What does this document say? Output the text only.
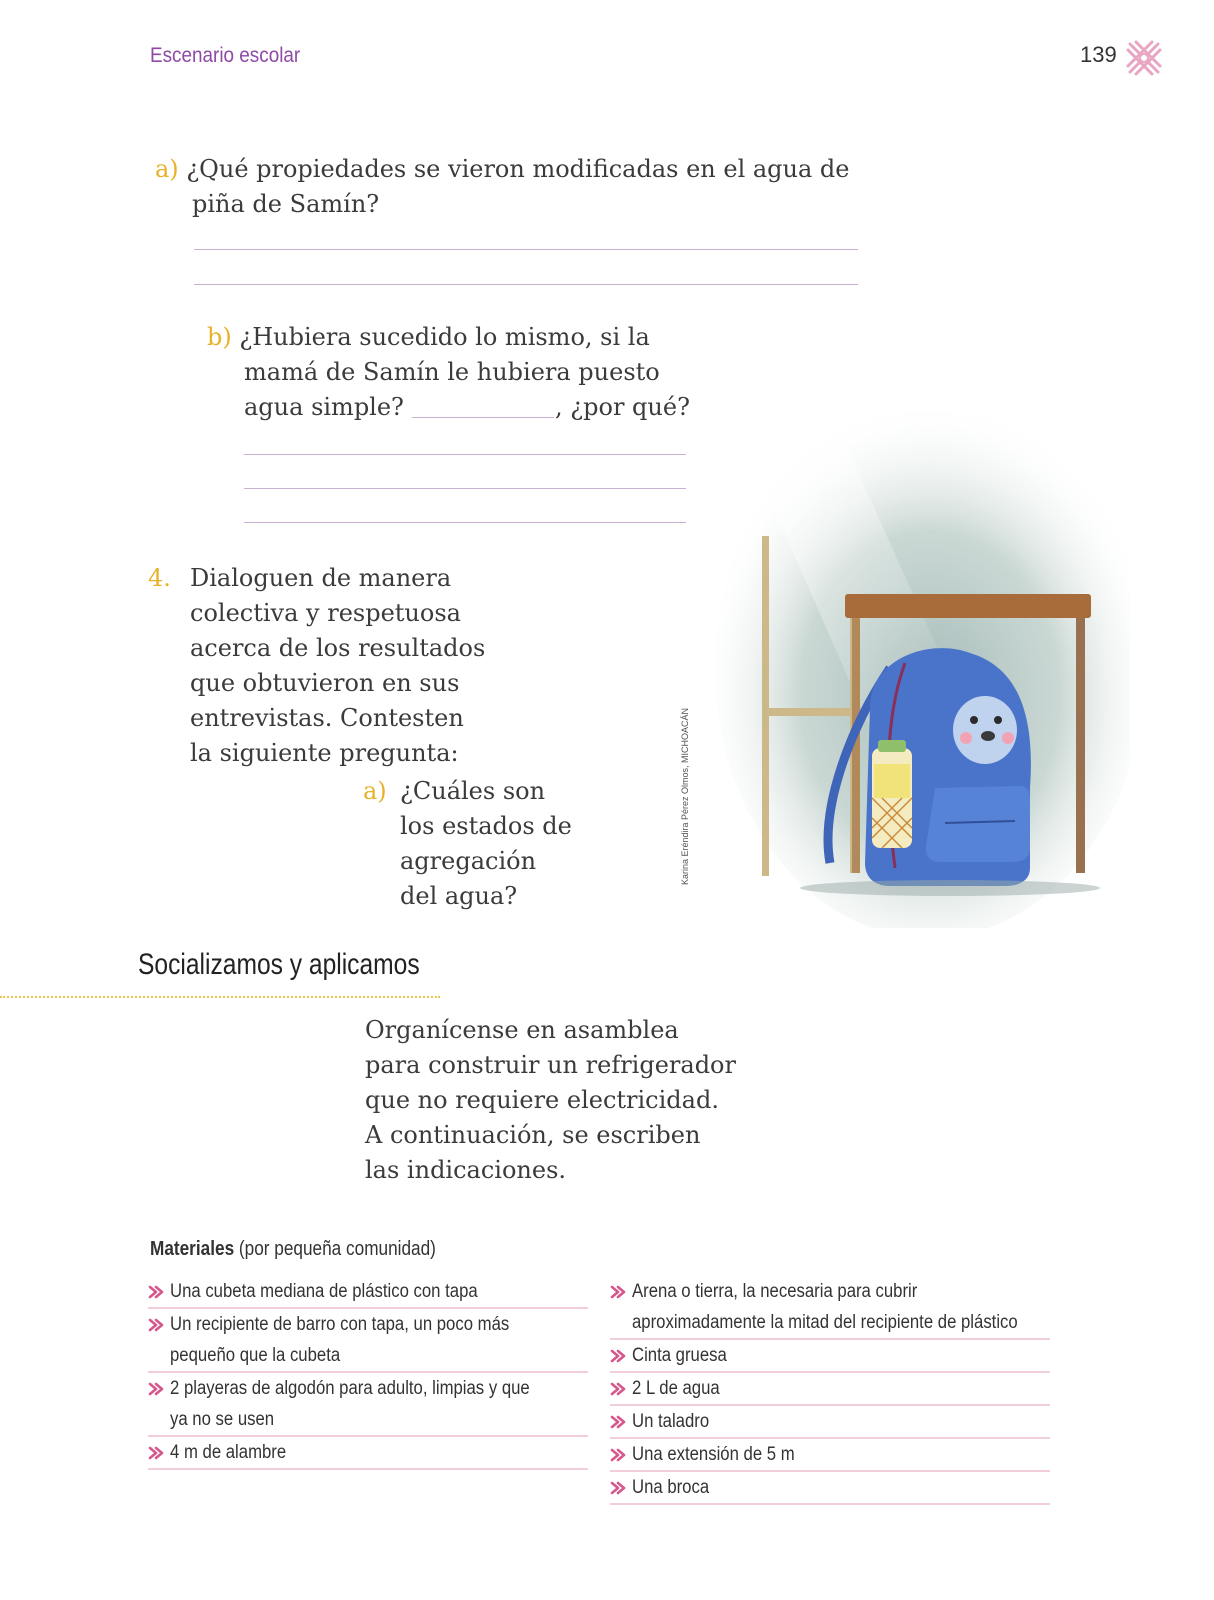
Escenario escolar	139
a) ¿Qué propiedades se vieron modificadas en el agua de
piña de Samín?
b) ¿Hubiera sucedido lo mismo, si la
mamá de Samín le hubiera puesto
agua simple?	, ¿por qué?
4. Dialoguen de manera
colectiva y respetuosa
acerca de los resultados
que obtuvieron en sus
entrevistas. Contesten
la siguiente pregunta:
a) ¿Cuáles son
los estados de
agregación
del agua?
Karina Eréndira Pérez Olmos, MICHOACÁN
Socializamos y aplicamos
Organícense en asamblea
para construir un refrigerador
que no requiere electricidad.
A continuación, se escriben
las indicaciones.
Materiales (por pequeña comunidad)
Una cubeta mediana de plástico con tapa
Un recipiente de barro con tapa, un poco más
pequeño que la cubeta
2 playeras de algodón para adulto, limpias y que
ya no se usen
4 m de alambre
Arena o tierra, la necesaria para cubrir
aproximadamente la mitad del recipiente de plástico
Cinta gruesa
2 L de agua
Un taladro
Una extensión de 5 m
Una broca
